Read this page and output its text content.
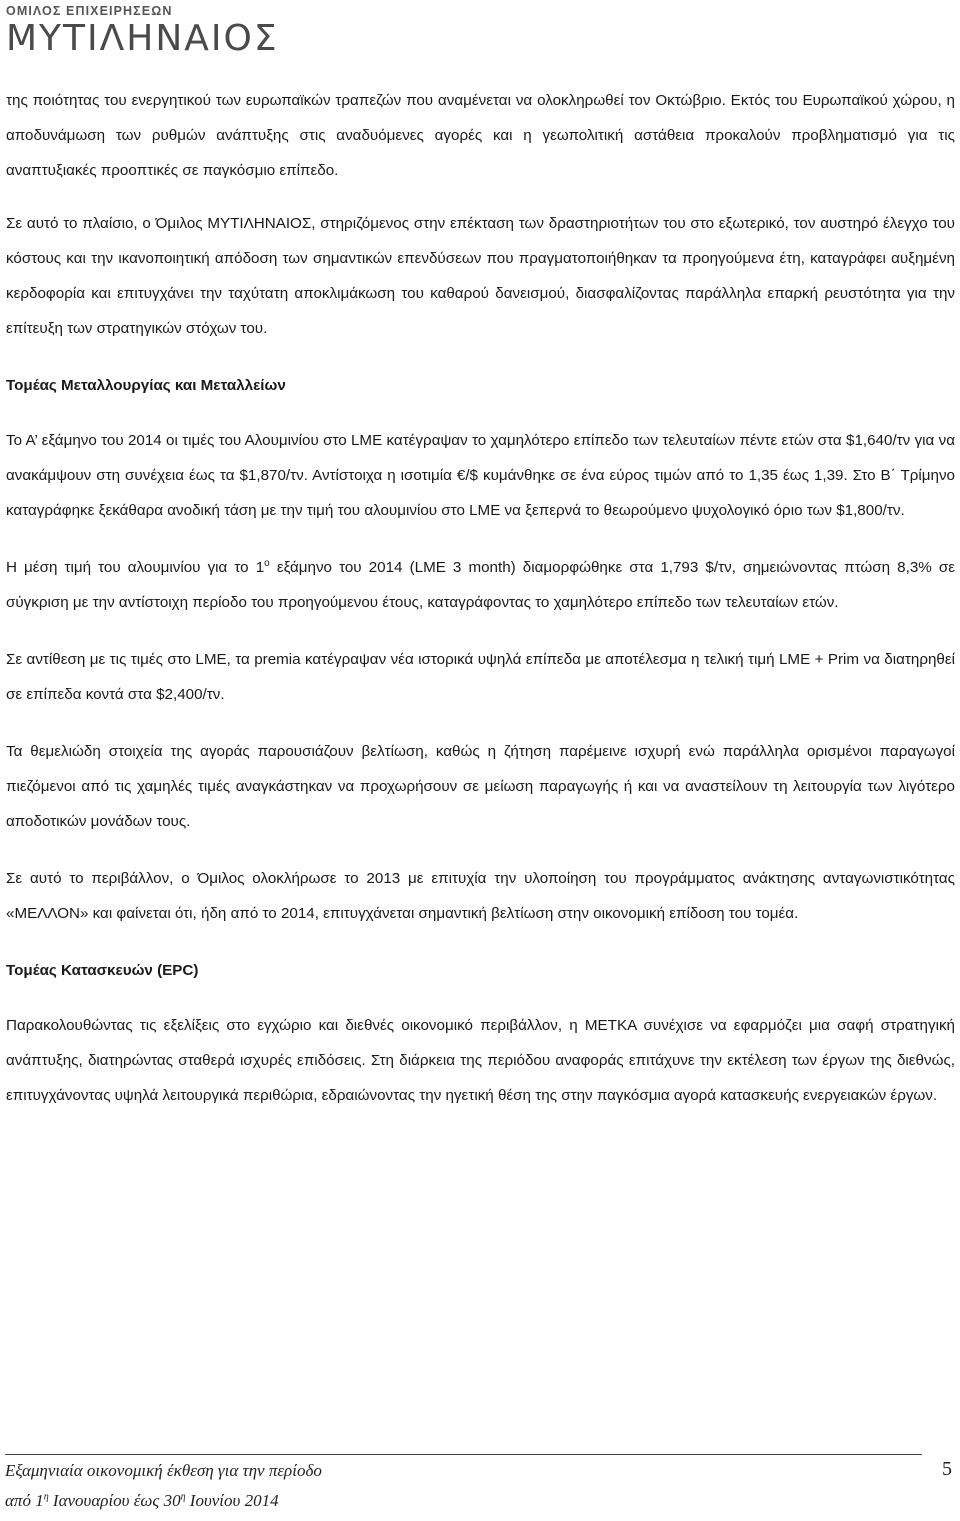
ΟΜΙΛΟΣ ΕΠΙΧΕΙΡΗΣΕΩΝ
ΜΥΤΙΛΗΝΑΙΟΣ

της ποιότητας του ενεργητικού των ευρωπαϊκών τραπεζών που αναμένεται να ολοκληρωθεί τον Οκτώβριο. Εκτός του Ευρωπαϊκού χώρου, η αποδυνάμωση των ρυθμών ανάπτυξης στις αναδυόμενες αγορές και η γεωπολιτική αστάθεια προκαλούν προβληματισμό για τις αναπτυξιακές προοπτικές σε παγκόσμιο επίπεδο.

Σε αυτό το πλαίσιο, ο Όμιλος ΜΥΤΙΛΗΝΑΙΟΣ, στηριζόμενος στην επέκταση των δραστηριοτήτων του στο εξωτερικό, τον αυστηρό έλεγχο του κόστους και την ικανοποιητική απόδοση των σημαντικών επενδύσεων που πραγματοποιήθηκαν τα προηγούμενα έτη, καταγράφει αυξημένη κερδοφορία και επιτυγχάνει την ταχύτατη αποκλιμάκωση του καθαρού δανεισμού, διασφαλίζοντας παράλληλα επαρκή ρευστότητα για την επίτευξη των στρατηγικών στόχων του.

Τομέας Μεταλλουργίας και Μεταλλείων

Το Α’ εξάμηνο του 2014 οι τιμές του Αλουμινίου στο LME κατέγραψαν το χαμηλότερο επίπεδο των τελευταίων πέντε ετών στα $1,640/τν για να ανακάμψουν στη συνέχεια έως τα $1,870/τν. Αντίστοιχα η ισοτιμία €/$ κυμάνθηκε σε ένα εύρος τιμών από το 1,35 έως 1,39. Στο Β΄ Τρίμηνο καταγράφηκε ξεκάθαρα ανοδική τάση με την τιμή του αλουμινίου στο LME να ξεπερνά το θεωρούμενο ψυχολογικό όριο των $1,800/τν.

Η μέση τιμή του αλουμινίου για το $1^o$ εξάμηνο του 2014 (LME 3 month) διαμορφώθηκε στα 1,793 $/τν, σημειώνοντας πτώση 8,3% σε σύγκριση με την αντίστοιχη περίοδο του προηγούμενου έτους, καταγράφοντας το χαμηλότερο επίπεδο των τελευταίων ετών.

Σε αντίθεση με τις τιμές στο LME, τα premia κατέγραψαν νέα ιστορικά υψηλά επίπεδα με αποτέλεσμα η τελική τιμή LME + Prim να διατηρηθεί σε επίπεδα κοντά στα $2,400/τν.

Τα θεμελιώδη στοιχεία της αγοράς παρουσιάζουν βελτίωση, καθώς η ζήτηση παρέμεινε ισχυρή ενώ παράλληλα ορισμένοι παραγωγοί πιεζόμενοι από τις χαμηλές τιμές αναγκάστηκαν να προχωρήσουν σε μείωση παραγωγής ή και να αναστείλουν τη λειτουργία των λιγότερο αποδοτικών μονάδων τους.

Σε αυτό το περιβάλλον, ο Όμιλος ολοκλήρωσε το 2013 με επιτυχία την υλοποίηση του προγράμματος ανάκτησης ανταγωνιστικότητας «ΜΕΛΛΟΝ» και φαίνεται ότι, ήδη από το 2014, επιτυγχάνεται σημαντική βελτίωση στην οικονομική επίδοση του τομέα.

Τομέας Κατασκευών (EPC)

Παρακολουθώντας τις εξελίξεις στο εγχώριο και διεθνές οικονομικό περιβάλλον, η ΜΕΤΚΑ συνέχισε να εφαρμόζει μια σαφή στρατηγική ανάπτυξης, διατηρώντας σταθερά ισχυρές επιδόσεις. Στη διάρκεια της περιόδου αναφοράς επιτάχυνε την εκτέλεση των έργων της διεθνώς, επιτυγχάνοντας υψηλά λειτουργικά περιθώρια, εδραιώνοντας την ηγετική θέση της στην παγκόσμια αγορά κατασκευής ενεργειακών έργων.

Εξαμηνιαία οικονομική έκθεση για την περίοδο
από $1^\eta$ Ιανουαρίου έως $30^\eta$ Ιουνίου 2014
5
